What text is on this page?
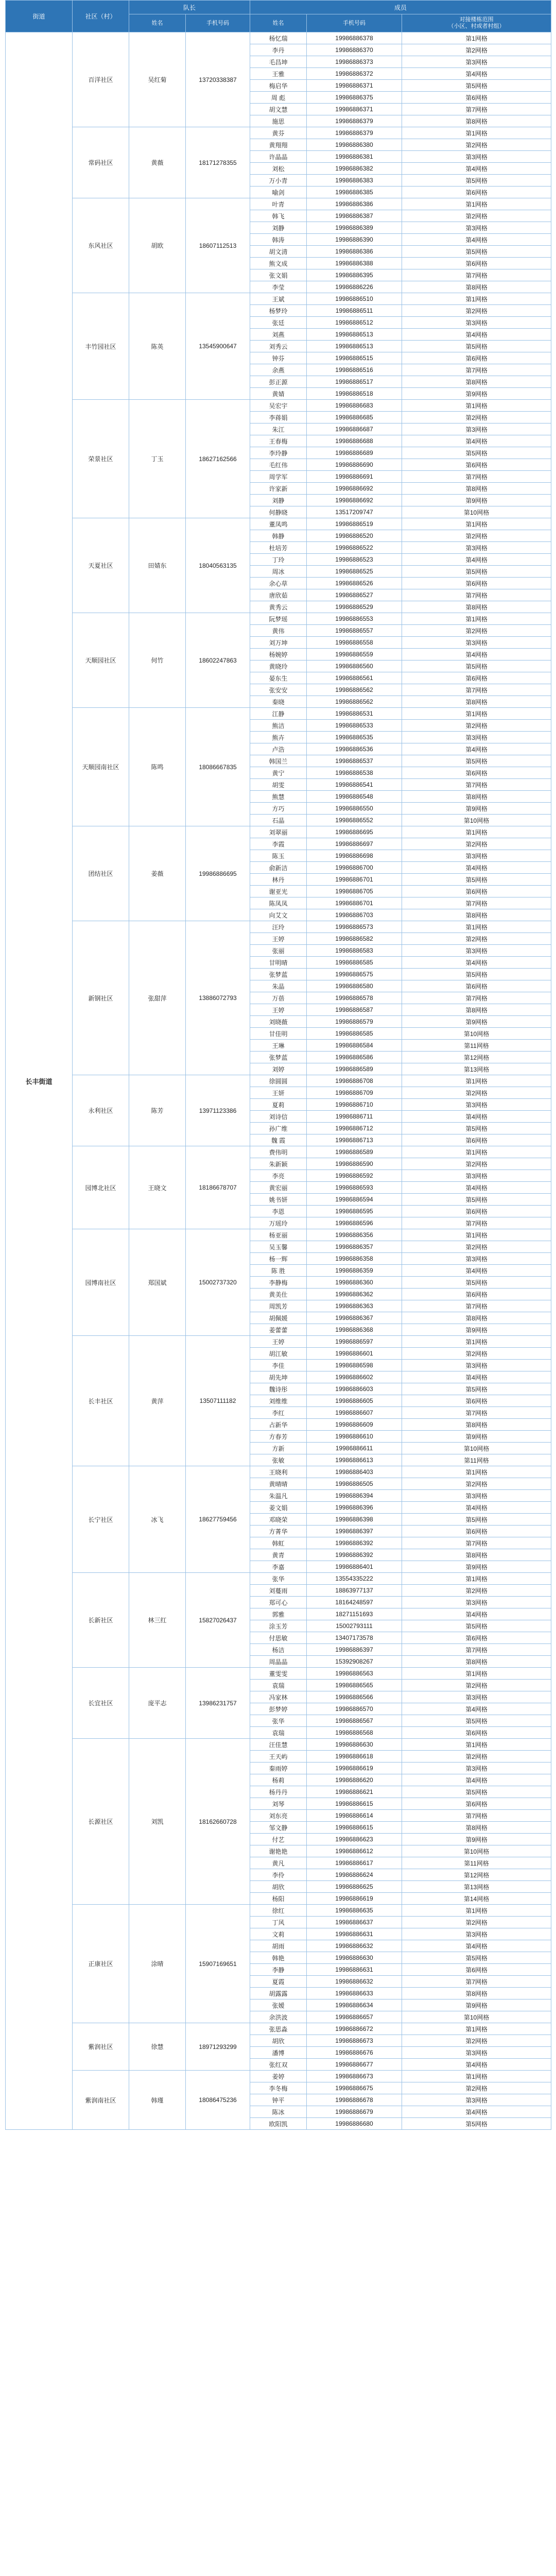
街道	社区（村）	队长		成员		
		姓名	手机号码	姓名	手机号码	对接楼栋范围
（小区、村或者村组）
长丰街道	百洋社区	吴红菊	13720338387	杨忆瑞	19986886378	第1网格
				李丹	19986886370	第2网格
				毛昌坤	19986886373	第3网格
				王雅	19986886372	第4网格
				梅启华	19986886371	第5网格
				周 彪	19986886375	第6网格
				胡文慧	19986886371	第7网格
				施思	19986886379	第8网格
	常码社区	黄薇	18171278355	黄芬	19986886379	第1网格
				黄翔翔	19986886380	第2网格
				许晶晶	19986886381	第3网格
				刘松	19986886382	第4网格
				万小青	19986886383	第5网格
				喻剑	19986886385	第6网格
	东风社区	胡欧	18607112513	叶青	19986886386	第1网格
				韩飞	19986886387	第2网格
				刘静	19986886389	第3网格
				韩涛	19986886390	第4网格
				胡文清	19986886386	第5网格
				熊文成	19986886388	第6网格
				张文娟	19986886395	第7网格
				李莹	19986886226	第8网格
	丰竹园社区	陈英	13545900647	王斌	19986886510	第1网格
				杨梦玲	19986886511	第2网格
				张廷	19986886512	第3网格
				刘燕	19986886513	第4网格
				刘秀云	19986886513	第5网格
				钟芬	19986886515	第6网格
				余燕	19986886516	第7网格
				彭正源	19986886517	第8网格
				黄婧	19986886518	第9网格
	荣景社区	丁玉	18627162566	吴宏宇	19986886683	第1网格
				李蒋娟	19986886685	第2网格
				朱江	19986886687	第3网格
				王春梅	19986886688	第4网格
				李玲静	19986886689	第5网格
				毛红伟	19986886690	第6网格
				周学军	19986886691	第7网格
				许家新	19986886692	第8网格
				刘静	19986886692	第9网格
				何静晓	13517209747	第10网格
	天夏社区	田婧东	18040563135	董凤鸣	19986886519	第1网格
				韩静	19986886520	第2网格
				杜培芳	19986886522	第3网格
				丁玲	19986886523	第4网格
				周冰	19986886525	第5网格
				余心草	19986886526	第6网格
				唐欣茹	19986886527	第7网格
				黄秀云	19986886529	第8网格
	天顺园社区	何竹	18602247863	阮梦瑶	19986886553	第1网格
				黄伟	19986886557	第2网格
				刘万坤	19986886558	第3网格
				杨婉婷	19986886559	第4网格
				黄晓玲	19986886560	第5网格
				晏东生	19986886561	第6网格
				张安安	19986886562	第7网格
				秦晓	19986886562	第8网格
	天顺园南社区	陈鸣	18086667835	江静	19986886531	第1网格
				熊洁	19986886533	第2网格
				熊卉	19986886535	第3网格
				卢浩	19986886536	第4网格
				韩国兰	19986886537	第5网格
				黄宁	19986886538	第6网格
				胡雯	19986886541	第7网格
				熊慧	19986886548	第8网格
				方巧	19986886550	第9网格
				石晶	19986886552	第10网格
	团结社区	姜薇	19986886695	刘翠丽	19986886695	第1网格
				李霞	19986886697	第2网格
				陈玉	19986886698	第3网格
				俞新洁	19986886700	第4网格
				林丹	19986886701	第5网格
				谢亚光	19986886705	第6网格
				陈凤凤	19986886701	第7网格
				向艾文	19986886703	第8网格
	新钢社区	张甜萍	13886072793	汪玲	19986886573	第1网格
				王婷	19986886582	第2网格
				张丽	19986886583	第3网格
				甘明晴	19986886585	第4网格
				张梦蓝	19986886575	第5网格
				朱晶	19986886580	第6网格
				万蓓	19986886578	第7网格
				王婷	19986886587	第8网格
				刘晓薇	19986886579	第9网格
				甘佳明	19986886585	第10网格
				王琳	19986886584	第11网格
				张梦蓝	19986886586	第12网格
				刘婷	19986886589	第13网格
	永利社区	陈芳	13971123386	徐圆圆	19986886708	第1网格
				王妍	19986886709	第2网格
				夏莉	19986886710	第3网格
				刘诗信	19986886711	第4网格
				孙广维	19986886712	第5网格
				魏 霞	19986886713	第6网格
	园博北社区	王晓文	18186678707	费伟明	19986886589	第1网格
				朱新颖	19986886590	第2网格
				李亮	19986886592	第3网格
				黄宏丽	19986886593	第4网格
				姚书妍	19986886594	第5网格
				李恩	19986886595	第6网格
				万瑶玲	19986886596	第7网格
	园博南社区	郑国斌	15002737320	杨亚丽	19986886356	第1网格
				吴玉馨	19986886357	第2网格
				杨一辉	19986886358	第3网格
				陈 胜	19986886359	第4网格
				李静梅	19986886360	第5网格
				黄美仕	19986886362	第6网格
				周凯芳	19986886363	第7网格
				胡佩媛	19986886367	第8网格
				姜蕾蕾	19986886368	第9网格
	长丰社区	黄萍	13507111182	王婷	19986886597	第1网格
				胡江敏	19986886601	第2网格
				李佳	19986886598	第3网格
				胡先坤	19986886602	第4网格
				魏诗彤	19986886603	第5网格
				刘维维	19986886605	第6网格
				李红	19986886607	第7网格
				占新华	19986886609	第8网格
				方春芳	19986886610	第9网格
				方新	19986886611	第10网格
				张敏	19986886613	第11网格
	长宁社区	冰飞	18627759456	王晓利	19986886403	第1网格
				黄晴晴	19986886505	第2网格
				朱温凡	19986886394	第3网格
				姜文娟	19986886396	第4网格
				邓晓荣	19986886398	第5网格
				方菁华	19986886397	第6网格
				韩虹	19986886392	第7网格
				黄青	19986886392	第8网格
				李嘉	19986886401	第9网格
	长新社区	林三红	15827026437	张华	13554335222	第1网格
				刘蔓雨	18863977137	第2网格
				郑可心	18164248597	第3网格
				郭雅	18271151693	第4网格
				涂玉芳	15002793111	第5网格
				付思敏	13407173578	第6网格
				杨洁	19986886397	第7网格
				周晶晶	15392908267	第8网格
	长宜社区	庞平志	13986231757	董雯雯	19986886563	第1网格
				袁瑞	19986886565	第2网格
				冯家林	19986886566	第3网格
				彭梦婷	19986886570	第4网格
				张华	19986886567	第5网格
				袁瑞	19986886568	第6网格
	长源社区	刘凯	18162660728	汪佳慧	19986886630	第1网格
				王天屿	19986886618	第2网格
				秦雨婷	19986886619	第3网格
				杨莉	19986886620	第4网格
				杨丹丹	19986886621	第5网格
				刘琴	19986886615	第6网格
				刘东亮	19986886614	第7网格
				邹文静	19986886615	第8网格
				付艺	19986886623	第9网格
				谢艳艳	19986886612	第10网格
				黄凡	19986886617	第11网格
				李伶	19986886624	第12网格
				胡欣	19986886625	第13网格
				杨阳	19986886619	第14网格
	正康社区	涂晴	15907169651	徐红	19986886635	第1网格
				丁风	19986886637	第2网格
				文莉	19986886631	第3网格
				胡雨	19986886632	第4网格
				韩艳	19986886630	第5网格
				李静	19986886631	第6网格
				夏霞	19986886632	第7网格
				胡露露	19986886633	第8网格
				张嫒	19986886634	第9网格
				余洪波	19986886657	第10网格
	紫润社区	徐慧	18971293299	张思淼	19986886672	第1网格
				胡欣	19986886673	第2网格
				潘博	19986886676	第3网格
				张红双	19986886677	第4网格
	紫润南社区	韩瑾	18086475236	姜婷	19986886673	第1网格
				李冬梅	19986886675	第2网格
				钟平	19986886678	第3网格
				陈冰	19986886679	第4网格
				欧阳凯	19986886680	第5网格
